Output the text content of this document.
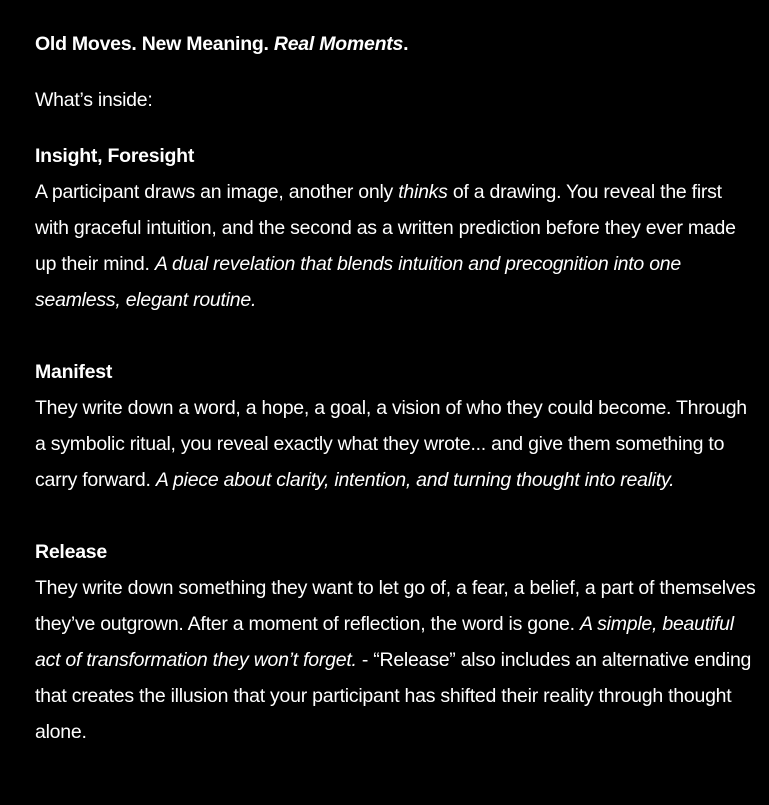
Old Moves. New Meaning. Real Moments.

What’s inside:

Insight, Foresight

A participant draws an image, another only thinks of a drawing. You reveal the first with graceful intuition, and the second as a written prediction before they ever made up their mind. A dual revelation that blends intuition and precognition into one seamless, elegant routine.

Manifest

They write down a word, a hope, a goal, a vision of who they could become. Through a symbolic ritual, you reveal exactly what they wrote... and give them something to carry forward. A piece about clarity, intention, and turning thought into reality.

Release

They write down something they want to let go of, a fear, a belief, a part of themselves they’ve outgrown. After a moment of reflection, the word is gone. A simple, beautiful act of transformation they won’t forget. - “Release” also includes an alternative ending that creates the illusion that your participant has shifted their reality through thought alone.
